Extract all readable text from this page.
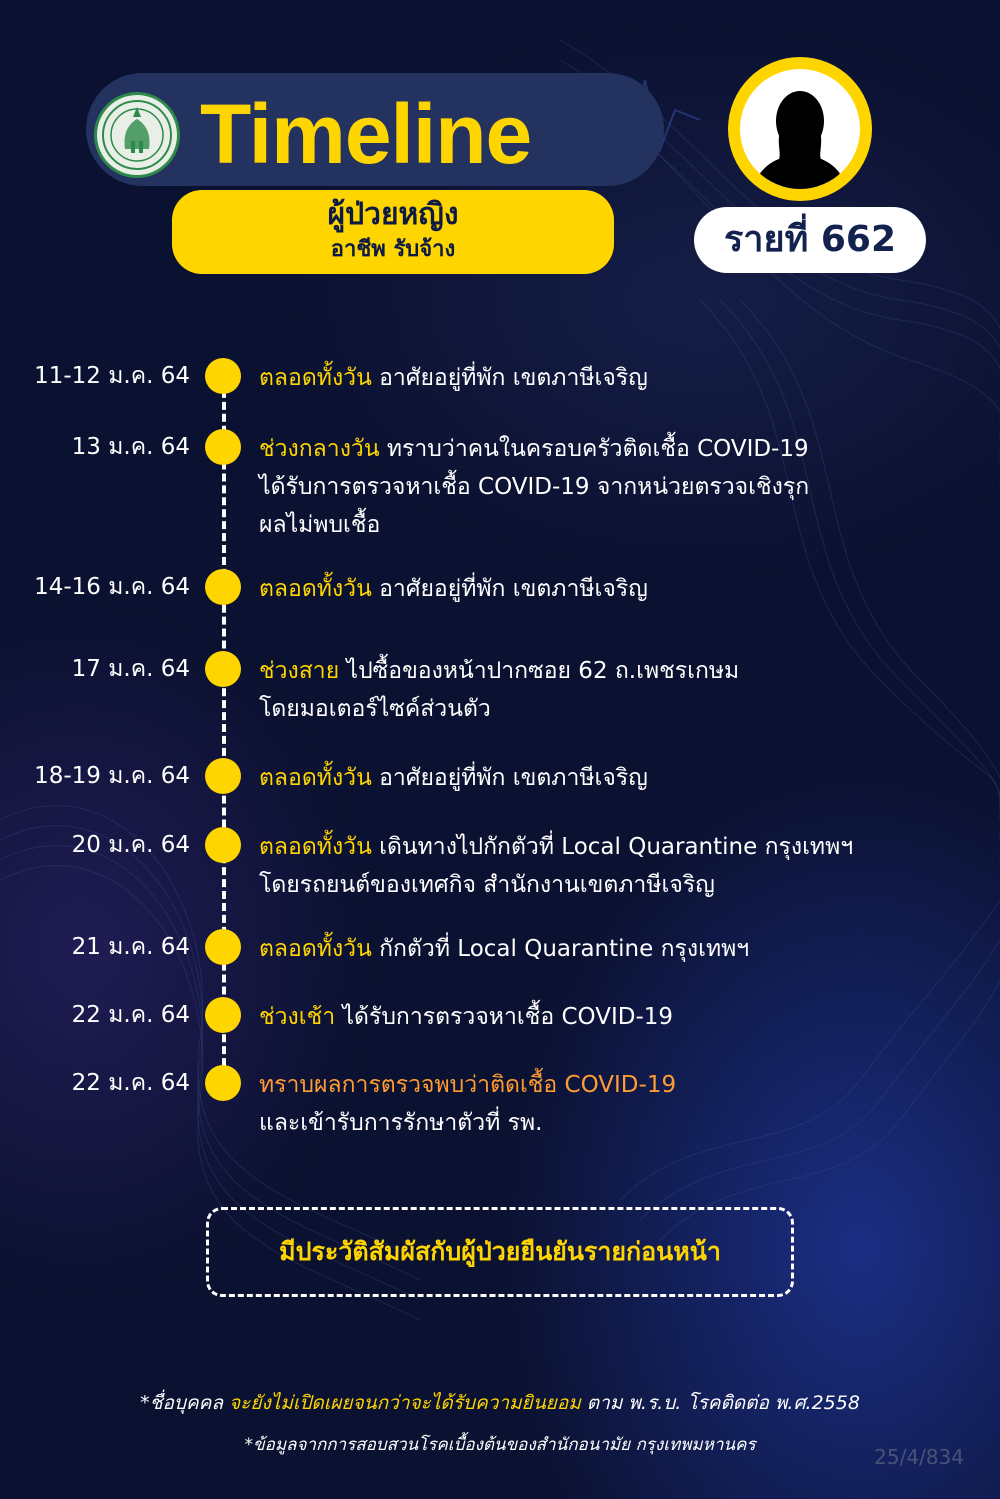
Timeline
ผู้ป่วยหญิง
อาชีพ รับจ้าง	รายที่ 662
11-12 ม.ค. 64	ตลอดทั้งวัน อาศัยอยู่ที่พัก เขตภาษีเจริญ
13 ม.ค. 64	ช่วงกลางวัน ทราบว่าคนในครอบครัวติดเชื้อ COVID-19
ได้รับการตรวจหาเชื้อ COVID-19 จากหน่วยตรวจเชิงรุก
ผลไม่พบเชื้อ
14-16 ม.ค. 64	ตลอดทั้งวัน อาศัยอยู่ที่พัก เขตภาษีเจริญ
17 ม.ค. 64	ช่วงสาย ไปซื้อของหน้าปากซอย 62 ถ.เพชรเกษม
โดยมอเตอร์ไซค์ส่วนตัว
18-19 ม.ค. 64	ตลอดทั้งวัน อาศัยอยู่ที่พัก เขตภาษีเจริญ
20 ม.ค. 64	ตลอดทั้งวัน เดินทางไปกักตัวที่ Local Quarantine กรุงเทพฯ
โดยรถยนต์ของเทศกิจ สำนักงานเขตภาษีเจริญ
21 ม.ค. 64	ตลอดทั้งวัน กักตัวที่ Local Quarantine กรุงเทพฯ
22 ม.ค. 64	ช่วงเช้า ได้รับการตรวจหาเชื้อ COVID-19
22 ม.ค. 64	ทราบผลการตรวจพบว่าติดเชื้อ COVID-19
และเข้ารับการรักษาตัวที่ รพ.
มีประวัติสัมผัสกับผู้ป่วยยืนยันรายก่อนหน้า
*ชื่อบุคคล จะยังไม่เปิดเผยจนกว่าจะได้รับความยินยอม ตาม พ.ร.บ. โรคติดต่อ พ.ศ.2558
*ข้อมูลจากการสอบสวนโรคเบื้องต้นของสำนักอนามัย กรุงเทพมหานคร	25/4/834
